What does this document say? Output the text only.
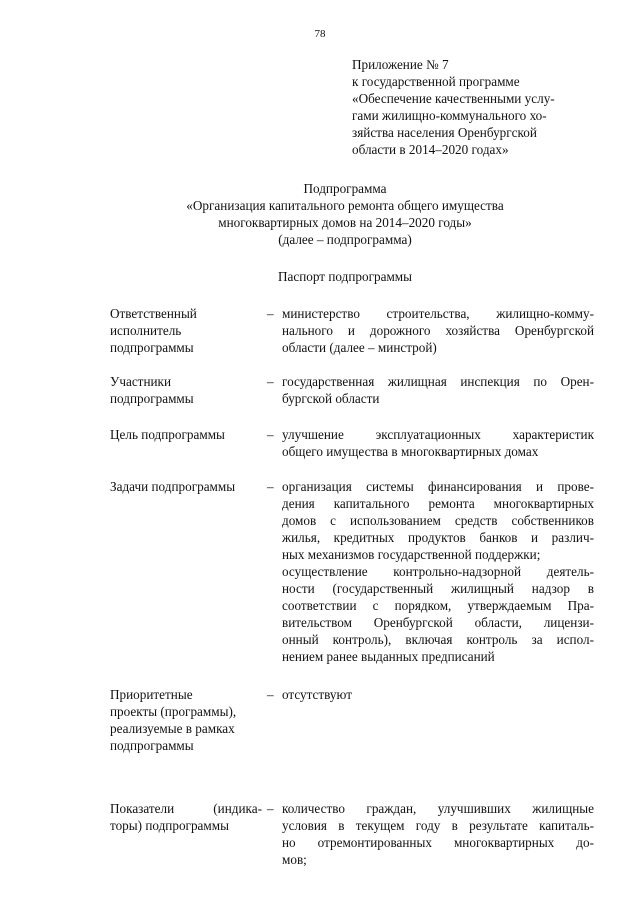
78
Приложение № 7
к государственной программе
«Обеспечение качественными услу-
гами жилищно-коммунального хо-
зяйства населения Оренбургской
области в 2014–2020 годах»
Подпрограмма
«Организация капитального ремонта общего имущества
многоквартирных домов на 2014–2020 годы»
(далее – подпрограмма)
Паспорт подпрограммы
Ответственный
исполнитель
подпрограммы
– министерство строительства, жилищно-комму-
нального и дорожного хозяйства Оренбургской
области (далее – минстрой)
Участники
подпрограммы
– государственная жилищная инспекция по Орен-
бургской области
Цель подпрограммы	– улучшение эксплуатационных характеристик
общего имущества в многоквартирных домах
Задачи подпрограммы	– организация системы финансирования и прове-
дения капитального ремонта многоквартирных
домов с использованием средств собственников
жилья, кредитных продуктов банков и различ-
ных механизмов государственной поддержки;
осуществление контрольно-надзорной деятель-
ности (государственный жилищный надзор в
соответствии с порядком, утверждаемым Пра-
вительством Оренбургской области, лицензи-
онный контроль), включая контроль за испол-
нением ранее выданных предписаний
Приоритетные
проекты (программы),
реализуемые в рамках
подпрограммы
– отсутствуют
Показатели (индика-
торы) подпрограммы
– количество граждан, улучшивших жилищные
условия в текущем году в результате капиталь-
но отремонтированных многоквартирных до-
мов;
